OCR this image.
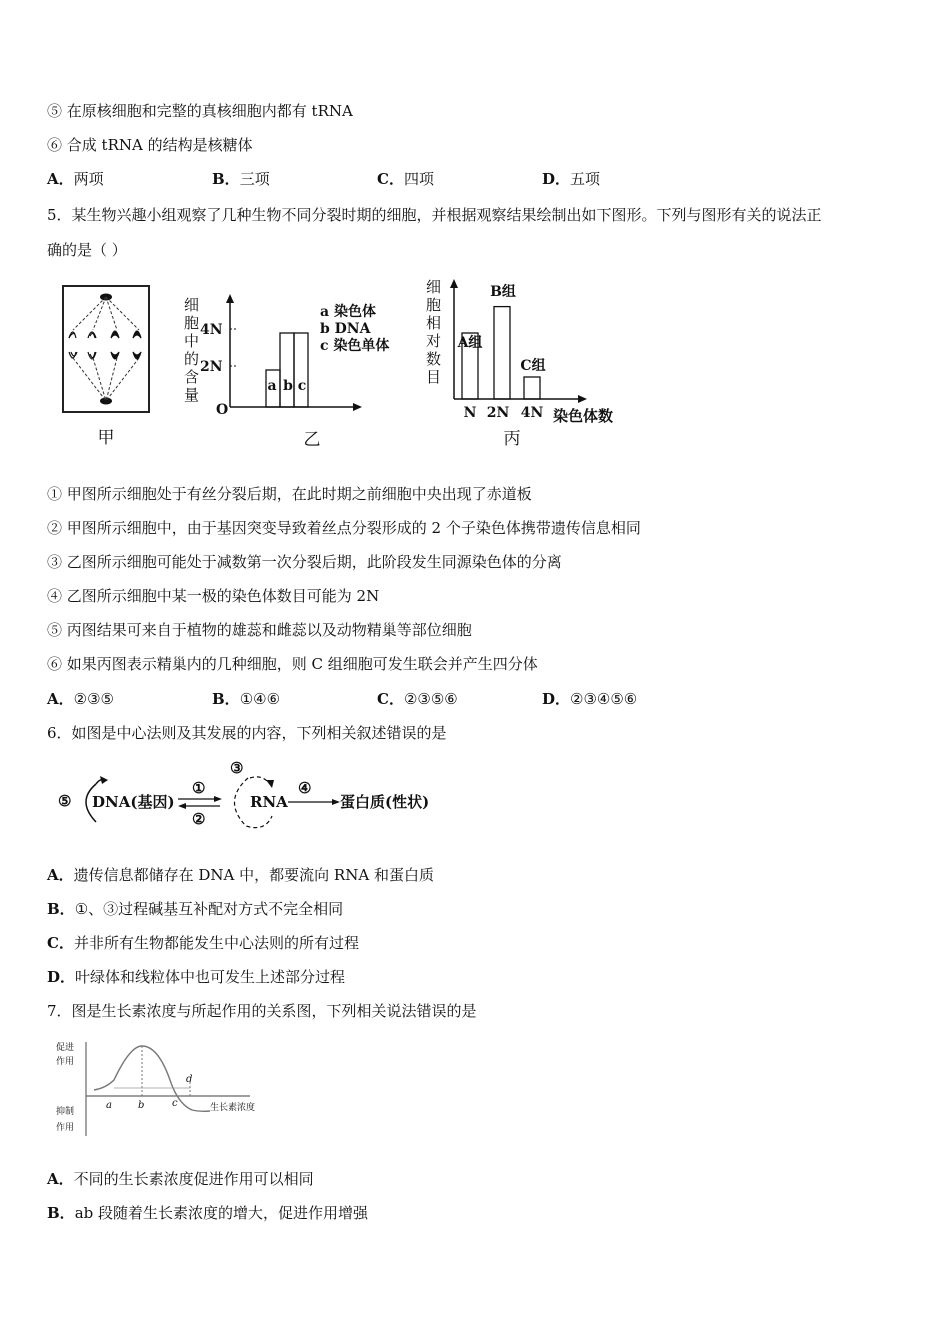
⑤ 在原核细胞和完整的真核细胞内都有 tRNA
⑥ 合成 tRNA 的结构是核糖体
A．两项	B．三项	C．四项	D．五项
5．某生物兴趣小组观察了几种生物不同分裂时期的细胞，并根据观察结果绘制出如下图形。下列与图形有关的说法正
确的是（ ）
甲
细
胞
中
的
含
量
4N
2N
O
a b c
a 染色体
b DNA
c 染色单体
乙
细
胞
相
对
数
目
A组
B组
C组
N 2N 4N 染色体数
丙
① 甲图所示细胞处于有丝分裂后期，在此时期之前细胞中央出现了赤道板
② 甲图所示细胞中，由于基因突变导致着丝点分裂形成的 2 个子染色体携带遗传信息相同
③ 乙图所示细胞可能处于减数第一次分裂后期，此阶段发生同源染色体的分离
④ 乙图所示细胞中某一极的染色体数目可能为 2N
⑤ 丙图结果可来自于植物的雄蕊和雌蕊以及动物精巢等部位细胞
⑥ 如果丙图表示精巢内的几种细胞，则 C 组细胞可发生联会并产生四分体
A．②③⑤	B．①④⑥	C．②③⑤⑥	D．②③④⑤⑥
6．如图是中心法则及其发展的内容，下列相关叙述错误的是
⑤ DNA(基因)
①
②
③
RNA
④
蛋白质(性状)
A．遗传信息都储存在 DNA 中，都要流向 RNA 和蛋白质
B．①、③过程碱基互补配对方式不完全相同
C．并非所有生物都能发生中心法则的所有过程
D．叶绿体和线粒体中也可发生上述部分过程
7．图是生长素浓度与所起作用的关系图，下列相关说法错误的是
促进
作用
抑制
作用
a	b	c
d
生长素浓度
A．不同的生长素浓度促进作用可以相同
B．ab 段随着生长素浓度的增大，促进作用增强
